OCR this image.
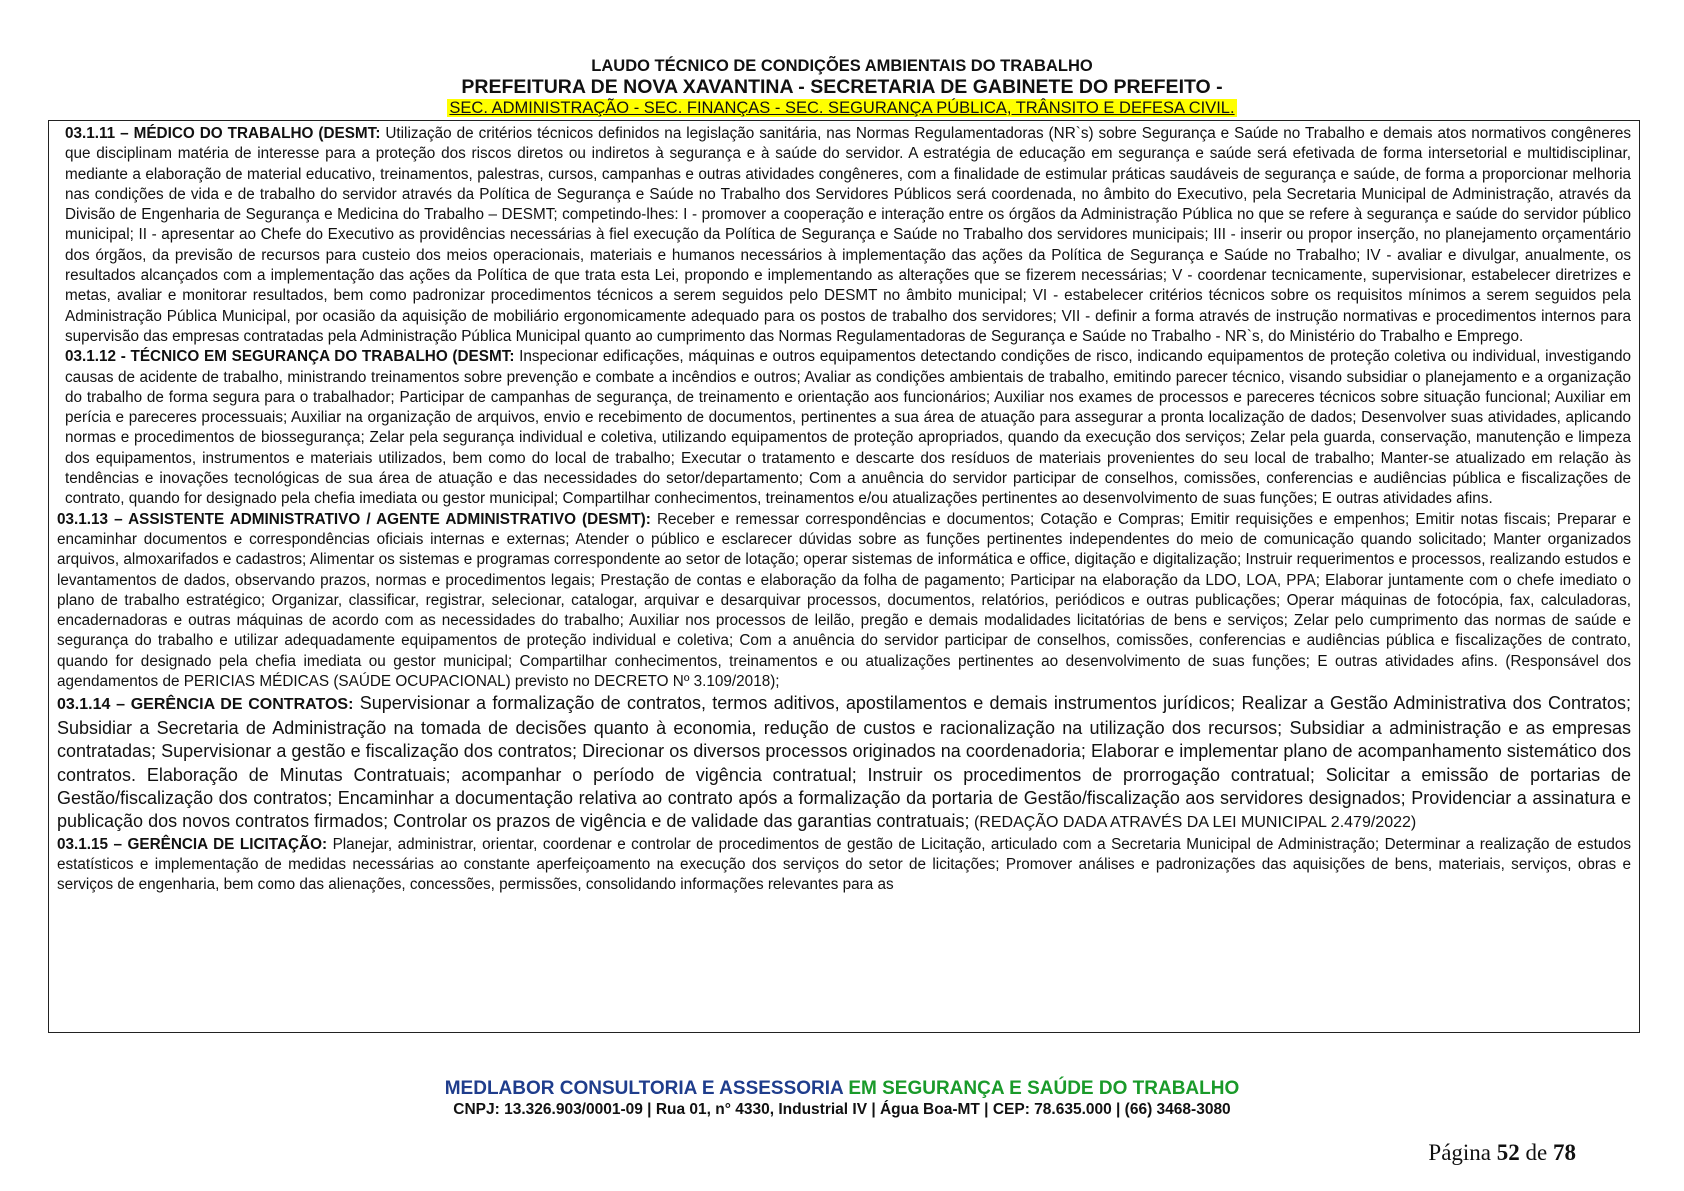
LAUDO TÉCNICO DE CONDIÇÕES AMBIENTAIS DO TRABALHO
PREFEITURA DE NOVA XAVANTINA - SECRETARIA DE GABINETE DO PREFEITO -
SEC. ADMINISTRAÇÃO - SEC. FINANÇAS - SEC. SEGURANÇA PÚBLICA, TRÂNSITO E DEFESA CIVIL.
03.1.11 – MÉDICO DO TRABALHO (DESMT: Utilização de critérios técnicos definidos na legislação sanitária, nas Normas Regulamentadoras (NR`s) sobre Segurança e Saúde no Trabalho e demais atos normativos congêneres que disciplinam matéria de interesse para a proteção dos riscos diretos ou indiretos à segurança e à saúde do servidor. A estratégia de educação em segurança e saúde será efetivada de forma intersetorial e multidisciplinar, mediante a elaboração de material educativo, treinamentos, palestras, cursos, campanhas e outras atividades congêneres, com a finalidade de estimular práticas saudáveis de segurança e saúde, de forma a proporcionar melhoria nas condições de vida e de trabalho do servidor através da Política de Segurança e Saúde no Trabalho dos Servidores Públicos será coordenada, no âmbito do Executivo, pela Secretaria Municipal de Administração, através da Divisão de Engenharia de Segurança e Medicina do Trabalho – DESMT; competindo-lhes: I - promover a cooperação e interação entre os órgãos da Administração Pública no que se refere à segurança e saúde do servidor público municipal; II - apresentar ao Chefe do Executivo as providências necessárias à fiel execução da Política de Segurança e Saúde no Trabalho dos servidores municipais; III - inserir ou propor inserção, no planejamento orçamentário dos órgãos, da previsão de recursos para custeio dos meios operacionais, materiais e humanos necessários à implementação das ações da Política de Segurança e Saúde no Trabalho; IV - avaliar e divulgar, anualmente, os resultados alcançados com a implementação das ações da Política de que trata esta Lei, propondo e implementando as alterações que se fizerem necessárias; V - coordenar tecnicamente, supervisionar, estabelecer diretrizes e metas, avaliar e monitorar resultados, bem como padronizar procedimentos técnicos a serem seguidos pelo DESMT no âmbito municipal; VI - estabelecer critérios técnicos sobre os requisitos mínimos a serem seguidos pela Administração Pública Municipal, por ocasião da aquisição de mobiliário ergonomicamente adequado para os postos de trabalho dos servidores; VII - definir a forma através de instrução normativas e procedimentos internos para supervisão das empresas contratadas pela Administração Pública Municipal quanto ao cumprimento das Normas Regulamentadoras de Segurança e Saúde no Trabalho - NR`s, do Ministério do Trabalho e Emprego.
03.1.12 - TÉCNICO EM SEGURANÇA DO TRABALHO (DESMT: Inspecionar edificações, máquinas e outros equipamentos detectando condições de risco, indicando equipamentos de proteção coletiva ou individual, investigando causas de acidente de trabalho, ministrando treinamentos sobre prevenção e combate a incêndios e outros; Avaliar as condições ambientais de trabalho, emitindo parecer técnico, visando subsidiar o planejamento e a organização do trabalho de forma segura para o trabalhador; Participar de campanhas de segurança, de treinamento e orientação aos funcionários; Auxiliar nos exames de processos e pareceres técnicos sobre situação funcional; Auxiliar em perícia e pareceres processuais; Auxiliar na organização de arquivos, envio e recebimento de documentos, pertinentes a sua área de atuação para assegurar a pronta localização de dados; Desenvolver suas atividades, aplicando normas e procedimentos de biossegurança; Zelar pela segurança individual e coletiva, utilizando equipamentos de proteção apropriados, quando da execução dos serviços; Zelar pela guarda, conservação, manutenção e limpeza dos equipamentos, instrumentos e materiais utilizados, bem como do local de trabalho; Executar o tratamento e descarte dos resíduos de materiais provenientes do seu local de trabalho; Manter-se atualizado em relação às tendências e inovações tecnológicas de sua área de atuação e das necessidades do setor/departamento; Com a anuência do servidor participar de conselhos, comissões, conferencias e audiências pública e fiscalizações de contrato, quando for designado pela chefia imediata ou gestor municipal; Compartilhar conhecimentos, treinamentos e/ou atualizações pertinentes ao desenvolvimento de suas funções; E outras atividades afins.
03.1.13 – ASSISTENTE ADMINISTRATIVO / AGENTE ADMINISTRATIVO (DESMT): Receber e remessar correspondências e documentos; Cotação e Compras; Emitir requisições e empenhos; Emitir notas fiscais; Preparar e encaminhar documentos e correspondências oficiais internas e externas; Atender o público e esclarecer dúvidas sobre as funções pertinentes independentes do meio de comunicação quando solicitado; Manter organizados arquivos, almoxarifados e cadastros; Alimentar os sistemas e programas correspondente ao setor de lotação; operar sistemas de informática e office, digitação e digitalização; Instruir requerimentos e processos, realizando estudos e levantamentos de dados, observando prazos, normas e procedimentos legais; Prestação de contas e elaboração da folha de pagamento; Participar na elaboração da LDO, LOA, PPA; Elaborar juntamente com o chefe imediato o plano de trabalho estratégico; Organizar, classificar, registrar, selecionar, catalogar, arquivar e desarquivar processos, documentos, relatórios, periódicos e outras publicações; Operar máquinas de fotocópia, fax, calculadoras, encadernadoras e outras máquinas de acordo com as necessidades do trabalho; Auxiliar nos processos de leilão, pregão e demais modalidades licitatórias de bens e serviços; Zelar pelo cumprimento das normas de saúde e segurança do trabalho e utilizar adequadamente equipamentos de proteção individual e coletiva; Com a anuência do servidor participar de conselhos, comissões, conferencias e audiências pública e fiscalizações de contrato, quando for designado pela chefia imediata ou gestor municipal; Compartilhar conhecimentos, treinamentos e ou atualizações pertinentes ao desenvolvimento de suas funções; E outras atividades afins. (Responsável dos agendamentos de PERICIAS MÉDICAS (SAÚDE OCUPACIONAL) previsto no DECRETO Nº 3.109/2018);
03.1.14 – GERÊNCIA DE CONTRATOS: Supervisionar a formalização de contratos, termos aditivos, apostilamentos e demais instrumentos jurídicos; Realizar a Gestão Administrativa dos Contratos; Subsidiar a Secretaria de Administração na tomada de decisões quanto à economia, redução de custos e racionalização na utilização dos recursos; Subsidiar a administração e as empresas contratadas; Supervisionar a gestão e fiscalização dos contratos; Direcionar os diversos processos originados na coordenadoria; Elaborar e implementar plano de acompanhamento sistemático dos contratos. Elaboração de Minutas Contratuais; acompanhar o período de vigência contratual; Instruir os procedimentos de prorrogação contratual; Solicitar a emissão de portarias de Gestão/fiscalização dos contratos; Encaminhar a documentação relativa ao contrato após a formalização da portaria de Gestão/fiscalização aos servidores designados; Providenciar a assinatura e publicação dos novos contratos firmados; Controlar os prazos de vigência e de validade das garantias contratuais; (REDAÇÃO DADA ATRAVÉS DA LEI MUNICIPAL 2.479/2022)
03.1.15 – GERÊNCIA DE LICITAÇÃO: Planejar, administrar, orientar, coordenar e controlar de procedimentos de gestão de Licitação, articulado com a Secretaria Municipal de Administração; Determinar a realização de estudos estatísticos e implementação de medidas necessárias ao constante aperfeiçoamento na execução dos serviços do setor de licitações; Promover análises e padronizações das aquisições de bens, materiais, serviços, obras e serviços de engenharia, bem como das alienações, concessões, permissões, consolidando informações relevantes para as
MEDLABOR CONSULTORIA E ASSESSORIA EM SEGURANÇA E SAÚDE DO TRABALHO
CNPJ: 13.326.903/0001-09 | Rua 01, n° 4330, Industrial IV | Água Boa-MT | CEP: 78.635.000 | (66) 3468-3080
Página 52 de 78
